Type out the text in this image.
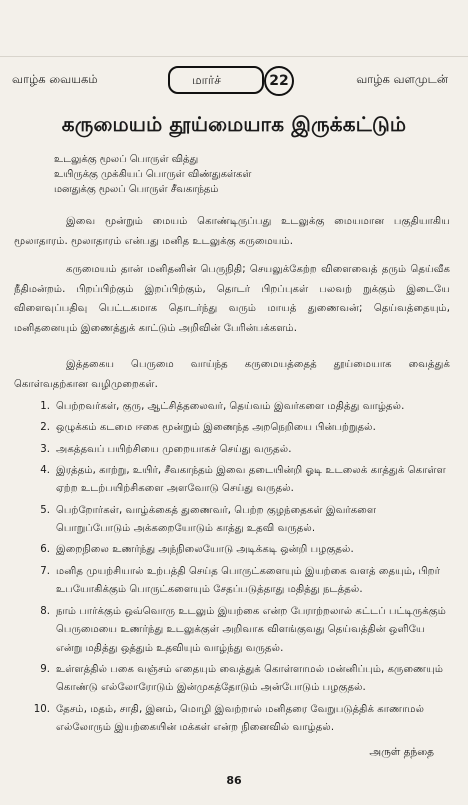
வாழ்க வையகம்	மார்ச்	22	வாழ்க வளமுடன்
கருமையம் தூய்மையாக இருக்கட்டும்
உடலுக்கு மூலப் பொருள் வித்து
உயிருக்கு முக்கியப் பொருள் விண்துகள்கள்
மனதுக்கு மூலப் பொருள் சீவகாந்தம்
இவை மூன்றும் மையம் கொண்டிருப்பது உடலுக்கு மையமான பகுதியாகிய மூலாதாரம். மூலாதாரம் என்பது மனித உடலுக்கு கருமையம்.
கருமையம் தான் மனிதனின் பெருநிதி; செயலுக்கேற்ற விளைவைத் தரும் தெய்வீக நீதிமன்றம். பிறப்பிற்கும் இறப்பிற்கும், தொடர் பிறப்புகள் பலவற் றுக்கும் இடையே விளைவுப்பதிவு பெட்டகமாக தொடர்ந்து வரும் மாயத் துணைவன்; தெய்வத்தையும், மனிதனையும் இணைத்துக் காட்டும் அறிவின் பேரின்பக்களம்.
இத்தகைய பெருமை வாய்ந்த கருமையத்தைத் தூய்மையாக வைத்துக் கொள்வதற்கான வழிமுறைகள்.
1. பெற்றவர்கள், குரு, ஆட்சித்தலைவர், தெய்வம் இவர்களை மதித்து வாழ்தல்.
2. ஒழுக்கம் கடமை ஈகை மூன்றும் இணைந்த அறநெறியை பின்பற்றுதல்.
3. அகத்தவப் பயிற்சியை முறையாகச் செய்து வருதல்.
4. இரத்தம், காற்று, உயிர், சீவகாந்தம் இவை தடையின்றி ஓடி உடலைக் காத்துக் கொள்ள ஏற்ற உடற்பயிற்சிகளை அளவோடு செய்து வருதல்.
5. பெற்றோர்கள், வாழ்க்கைத் துணைவர், பெற்ற குழந்தைகள் இவர்களை பொறுப்போடும் அக்கறையோடும் காத்து உதவி வருதல்.
6. இறைநிலை உணர்ந்து அந்நிலையோடு அடிக்கடி ஒன்றி பழகுதல்.
7. மனித முயற்சியால் உற்பத்தி செய்த பொருட்களையும் இயற்கை வளத் தையும், பிறர் உபயோகிக்கும் பொருட்களையும் சேதப்படுத்தாது மதித்து நடத்தல்.
8. நாம் பார்க்கும் ஒவ்வொரு உடலும் இயற்கை என்ற பேராற்றலால் கட்டப் பட்டிருக்கும் பெருமையை உணர்ந்து உடலுக்குள் அறிவாக விளங்குவது தெய்வத்தின் ஒளியே என்று மதித்து ஒத்தும் உதவியும் வாழ்ந்து வருதல்.
9. உள்ளத்தில் பகை வஞ்சம் எதையும் வைத்துக் கொள்ளாமல் மன்னிப்பும், கருணையும் கொண்டு எல்லோரோடும் இன்முகத்தோடும் அன்போடும் பழகுதல்.
10. தேசம், மதம், சாதி, இனம், மொழி இவற்றால் மனிதரை வேறுபடுத்திக் காணாமல் எல்லோரும் இயற்கையின் மக்கள் என்ற நினைவில் வாழ்தல்.
அருள் தந்தை
86
